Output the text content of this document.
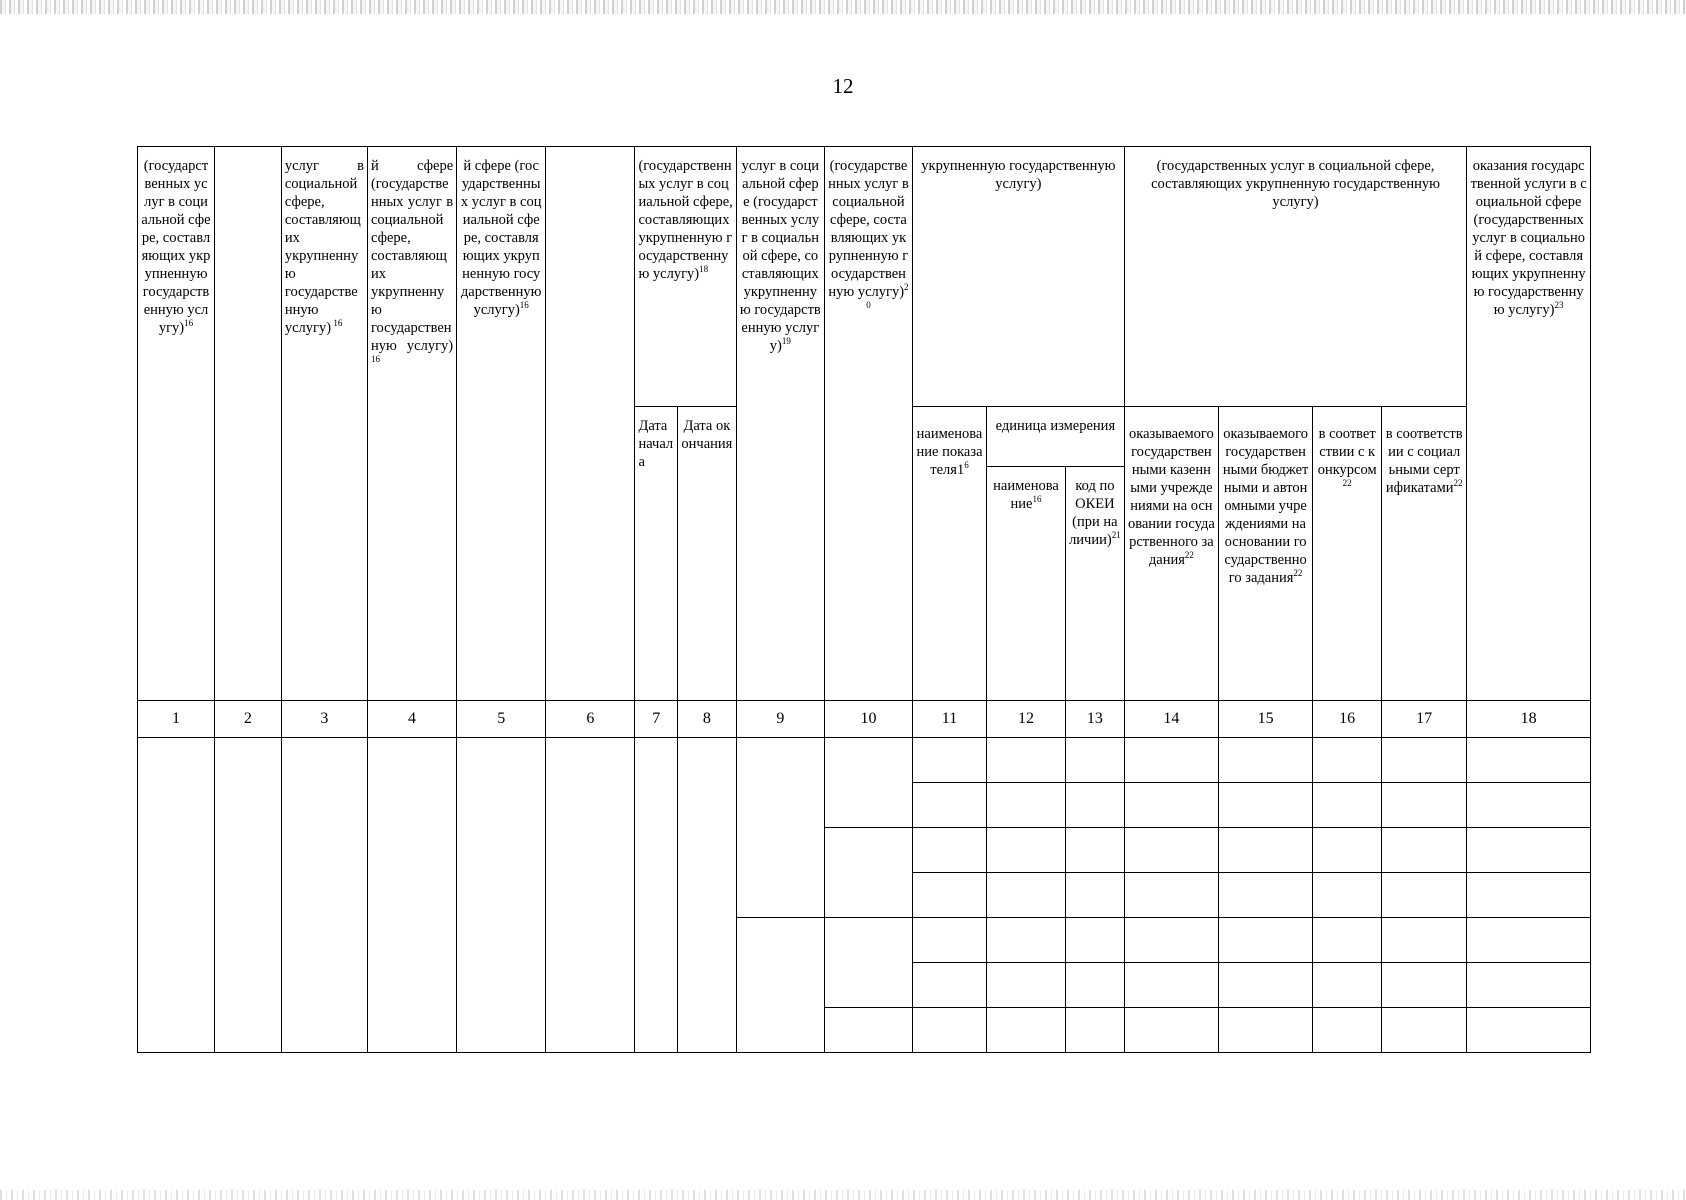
12
(государственных услуг в социальной сфере, составляющих укрупненную государственную услугу)$^{16}$		услуг в социальной сфере, составляющих укрупненную государственную услугу) $^{16}$	й сфере (государственных услуг в социальной сфере, составляющих укрупненную государственную услугу) $^{16}$	й сфере (государственных услуг в социальной сфере, составляющих укрупненную государственную услугу)$^{16}$		(государственных услуг в социальной сфере, составляющих укрупненную государственную услугу)$^{18}$		услуг в социальной сфере (государственных услуг в социальной сфере, составляющих укрупненную государственную услугу)$^{19}$	(государственных услуг в социальной сфере, составляющих укрупненную государственную услугу)$^{20}$	укрупненную государственную услугу)			(государственных услуг в социальной сфере, составляющих укрупненную государственную услугу)				оказания государственной услуги в социальной сфере (государственных услуг в социальной сфере, составляющих укрупненную государственную услугу)$^{23}$
						Дата начала	Дата окончания			наименование $показателя1^6$	единица измерения		оказываемого государственными казенными учреждениями на основании государственного задания$^{22}$	оказываемого государственными бюджетными и автономными учреждениями на основании государственного задания$^{22}$	в соответствии с конкурсом$^{22}$	в соответствии с социальными сертификатами$^{22}$
											наименование$^{16}$	код по ОКЕИ (при наличии)$^{21}$
1	2	3	4	5	6	7	8	9	10	11	12	13	14	15	16	17	18
